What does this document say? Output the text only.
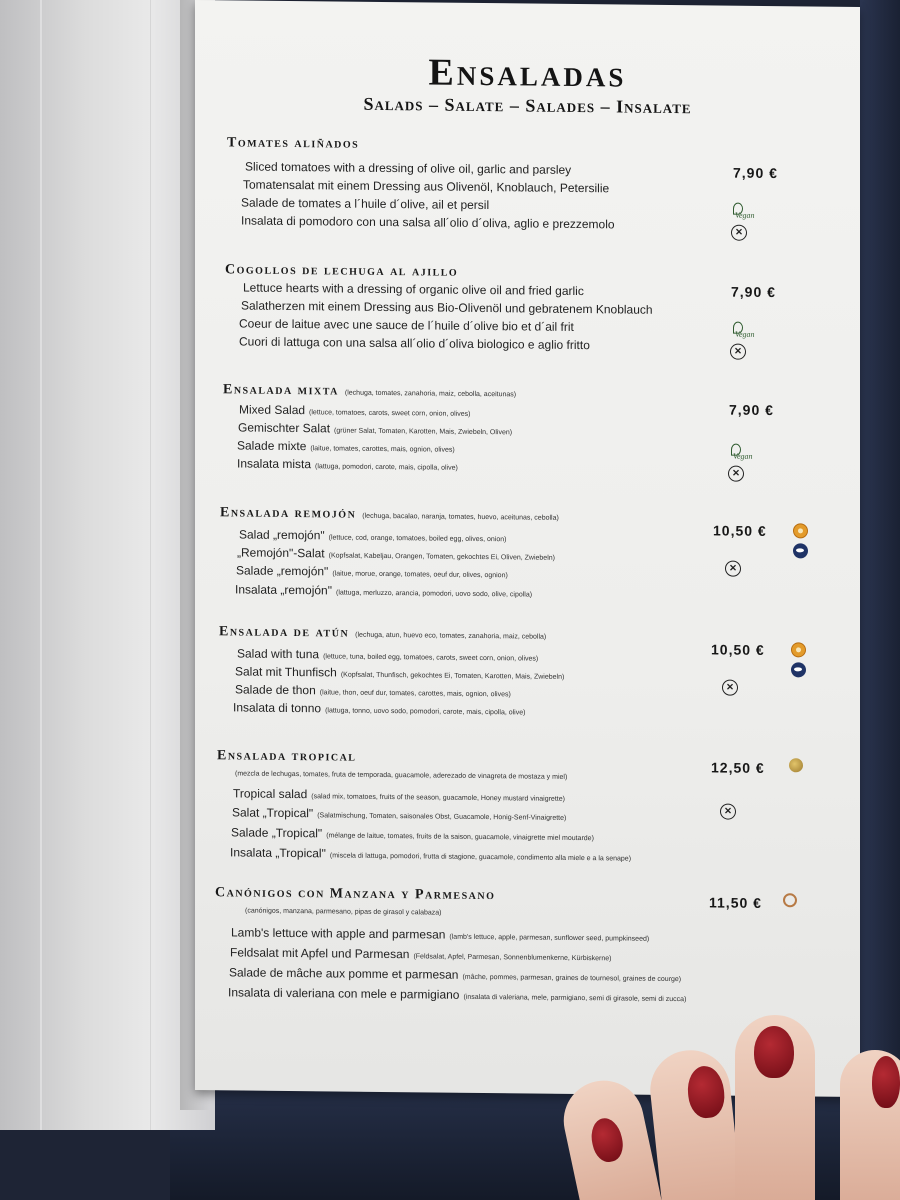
Ensaladas
Salads – Salate – Salades – Insalate
Tomates aliñados
7,90 €
Sliced tomatoes with a dressing of olive oil, garlic and parsley
Tomatensalat mit einem Dressing aus Olivenöl, Knoblauch, Petersilie
Salade de tomates a l´huile d´olive, ail et persil
Insalata di pomodoro con una salsa all´olio d´oliva, aglio e prezzemolo	Vegan
×
Cogollos de lechuga al ajillo
7,90 €
Lettuce hearts with a dressing of organic olive oil and fried garlic
Salatherzen mit einem Dressing aus Bio-Olivenöl und gebratenem Knoblauch
Coeur de laitue avec une sauce de l´huile d´olive bio et d´ail frit
Cuori di lattuga con una salsa all´olio d´oliva biologico e aglio fritto
Vegan
×
Ensalada mixta (lechuga, tomates, zanahoria, maiz, cebolla, aceitunas)
7,90 €
Mixed Salad (lettuce, tomatoes, carots, sweet corn, onion, olives)
Gemischter Salat (grüner Salat, Tomaten, Karotten, Mais, Zwiebeln, Oliven)
Salade mixte (laitue, tomates, carottes, mais, ognion, olives)
Insalata mista (lattuga, pomodori, carote, mais, cipolla, olive)
Vegan
×
Ensalada remojón (lechuga, bacalao, naranja, tomates, huevo, aceitunas, cebolla)
10,50 €
Salad „remojón" (lettuce, cod, orange, tomatoes, boiled egg, olives, onion)
„Remojón"-Salat (Kopfsalat, Kabeljau, Orangen, Tomaten, gekochtes Ei, Oliven, Zwiebeln)
Salade „remojón" (laitue, morue, orange, tomates, oeuf dur, olives, ognion)
Insalata „remojón" (lattuga, merluzzo, arancia, pomodori, uovo sodo, olive, cipolla)
×
Ensalada de atún (lechuga, atun, huevo eco, tomates, zanahoria, maiz, cebolla)
10,50 €
Salad with tuna (lettuce, tuna, boiled egg, tomatoes, carots, sweet corn, onion, olives)
Salat mit Thunfisch (Kopfsalat, Thunfisch, gekochtes Ei, Tomaten, Karotten, Mais, Zwiebeln)
Salade de thon (laitue, thon, oeuf dur, tomates, carottes, mais, ognion, olives)
Insalata di tonno (lattuga, tonno, uovo sodo, pomodori, carote, mais, cipolla, olive)
×
Ensalada tropical
(mezcla de lechugas, tomates, fruta de temporada, guacamole, aderezado de vinagreta de mostaza y miel)	12,50 €
Tropical salad (salad mix, tomatoes, fruits of the season, guacamole, Honey mustard vinaigrette)
Salat „Tropical" (Salatmischung, Tomaten, saisonales Obst, Guacamole, Honig-Senf-Vinaigrette)
Salade „Tropical" (mélange de laitue, tomates, fruits de la saison, guacamole, vinaigrette miel moutarde)
Insalata „Tropical" (miscela di lattuga, pomodori, frutta di stagione, guacamole, condimento alla miele e a la senape)
×
Canónigos con Manzana y Parmesano
(canónigos, manzana, parmesano, pipas de girasol y calabaza)
11,50 €
Lamb's lettuce with apple and parmesan (lamb's lettuce, apple, parmesan, sunflower seed, pumpkinseed)
Feldsalat mit Apfel und Parmesan (Feldsalat, Apfel, Parmesan, Sonnenblumenkerne, Kürbiskerne)
Salade de mâche aux pomme et parmesan (mâche, pommes, parmesan, graines de tournesol, graines de courge)
Insalata di valeriana con mele e parmigiano (insalata di valeriana, mele, parmigiano, semi di girasole, semi di zucca)
